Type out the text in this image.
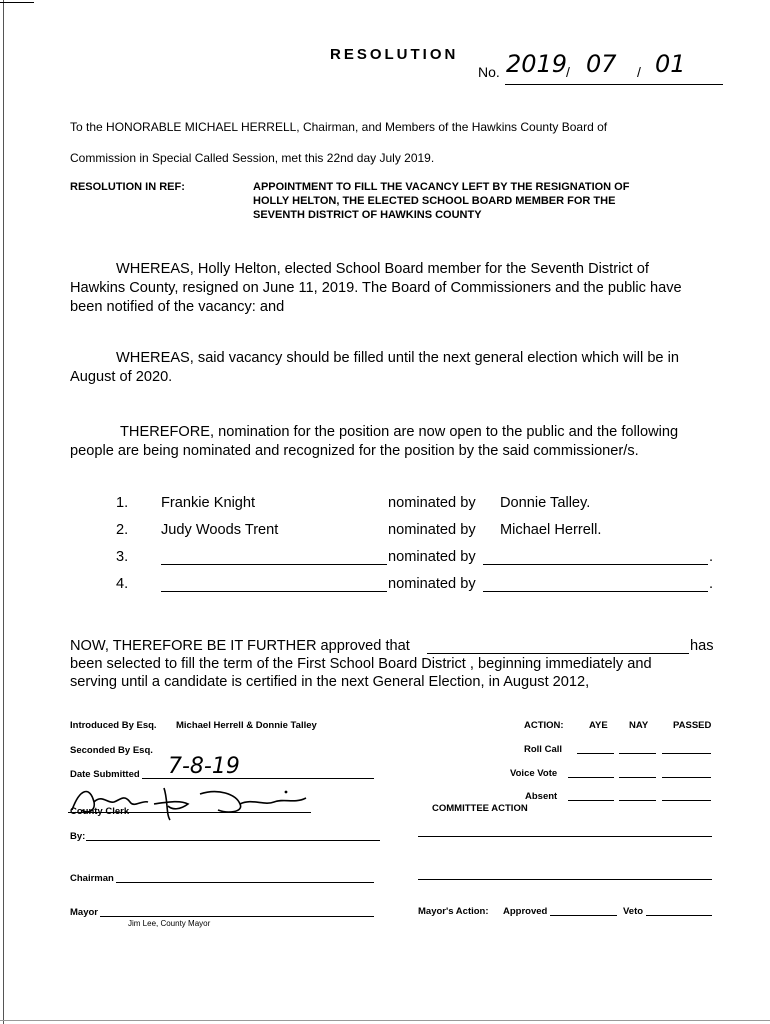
RESOLUTION
No. 2019
/ 07 / 01
To the HONORABLE MICHAEL HERRELL, Chairman, and Members of the Hawkins County Board of
Commission in Special Called Session, met this 22nd day July 2019.
RESOLUTION IN REF:	APPOINTMENT TO FILL THE VACANCY LEFT BY THE RESIGNATION OF
HOLLY HELTON, THE ELECTED SCHOOL BOARD MEMBER FOR THE
SEVENTH DISTRICT OF HAWKINS COUNTY
WHEREAS, Holly Helton, elected School Board member for the Seventh District of
Hawkins County, resigned on June 11, 2019. The Board of Commissioners and the public have
been notified of the vacancy: and
WHEREAS, said vacancy should be filled until the next general election which will be in
August of 2020.
THEREFORE, nomination for the position are now open to the public and the following
people are being nominated and recognized for the position by the said commissioner/s.
1. Frankie Knight	nominated by Donnie Talley.
2. Judy Woods Trent	nominated by Michael Herrell.
3.	nominated by	.
4.	nominated by	.
NOW, THEREFORE BE IT FURTHER approved that	has
been selected to fill the term of the First School Board District , beginning immediately and
serving until a candidate is certified in the next General Election, in August 2012,
Introduced By Esq. Michael Herrell & Donnie Talley
Seconded By Esq.
Date Submitted 7-8-19
County Clerk
By:
Chairman
Mayor
Jim Lee, County Mayor
ACTION:	AYE NAY	PASSED
Roll Call
Voice Vote
Absent
COMMITTEE ACTION
Mayor's Action: Approved	Veto
